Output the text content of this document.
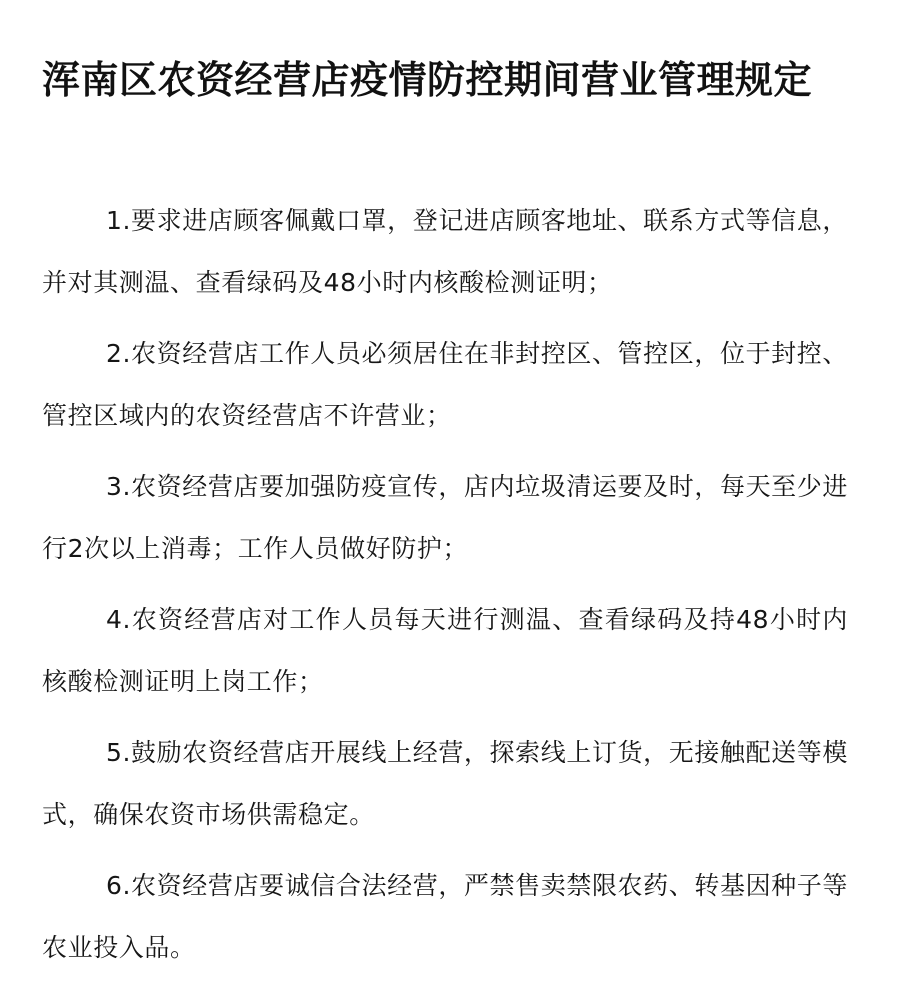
浑南区农资经营店疫情防控期间营业管理规定
1.要求进店顾客佩戴口罩，登记进店顾客地址、联系方式等信息，并对其测温、查看绿码及48小时内核酸检测证明；
2.农资经营店工作人员必须居住在非封控区、管控区，位于封控、管控区域内的农资经营店不许营业；
3.农资经营店要加强防疫宣传，店内垃圾清运要及时，每天至少进行2次以上消毒；工作人员做好防护；
4.农资经营店对工作人员每天进行测温、查看绿码及持48小时内核酸检测证明上岗工作；
5.鼓励农资经营店开展线上经营，探索线上订货，无接触配送等模式，确保农资市场供需稳定。
6.农资经营店要诚信合法经营，严禁售卖禁限农药、转基因种子等农业投入品。
